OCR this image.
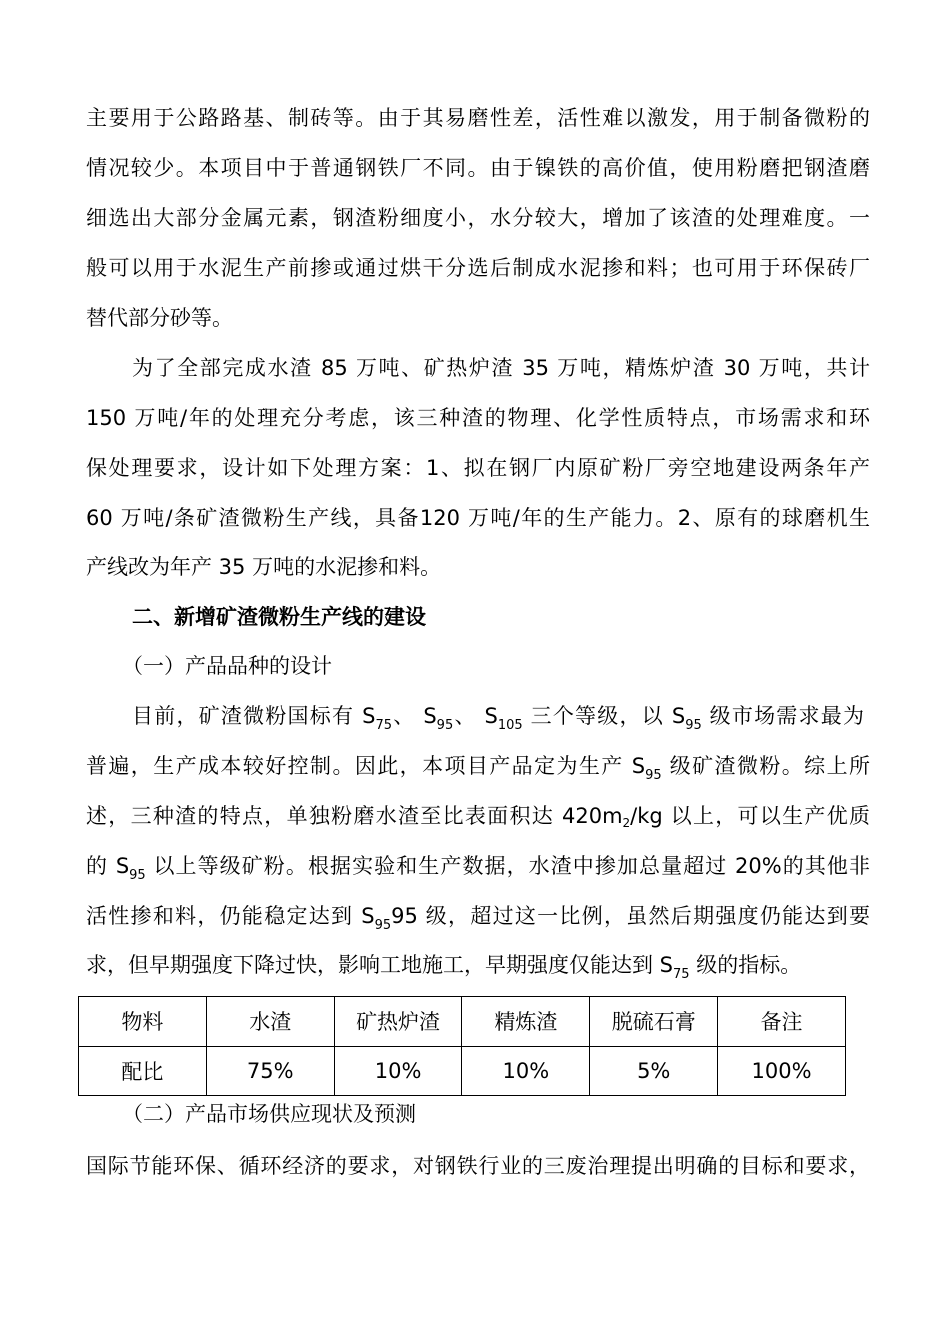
主要用于公路路基、制砖等。由于其易磨性差，活性难以激发，用于制备微粉的
情况较少。本项目中于普通钢铁厂不同。由于镍铁的高价值，使用粉磨把钢渣磨
细选出大部分金属元素，钢渣粉细度小，水分较大，增加了该渣的处理难度。一
般可以用于水泥生产前掺或通过烘干分选后制成水泥掺和料；也可用于环保砖厂
替代部分砂等。
为了全部完成水渣 85 万吨、矿热炉渣 35 万吨，精炼炉渣 30 万吨，共计
150 万吨/年的处理充分考虑，该三种渣的物理、化学性质特点，市场需求和环
保处理要求，设计如下处理方案：1、拟在钢厂内原矿粉厂旁空地建设两条年产
60 万吨/条矿渣微粉生产线，具备120 万吨/年的生产能力。2、原有的球磨机生
产线改为年产 35 万吨的水泥掺和料。
二、新增矿渣微粉生产线的建设
（一）产品品种的设计
目前，矿渣微粉国标有 $S_{75}$、 $S_{95}$、 $S_{105}$ 三个等级，以 $S_{95}$ 级市场需求最为
普遍，生产成本较好控制。因此，本项目产品定为生产 $S_{95}$ 级矿渣微粉。综上所
述，三种渣的特点，单独粉磨水渣至比表面积达 420m2/kg 以上，可以生产优质
的 $S_{95}$ 以上等级矿粉。根据实验和生产数据，水渣中掺加总量超过 20%的其他非
活性掺和料，仍能稳定达到 $S_{95}95$ 级，超过这一比例，虽然后期强度仍能达到要
求，但早期强度下降过快，影响工地施工，早期强度仅能达到 $S_{75}$ 级的指标。
物料	水渣	矿热炉渣	精炼渣	脱硫石膏	备注
配比	75%	10%	10%	5%	100%
（二）产品市场供应现状及预测
国际节能环保、循环经济的要求，对钢铁行业的三废治理提出明确的目标和要求，
